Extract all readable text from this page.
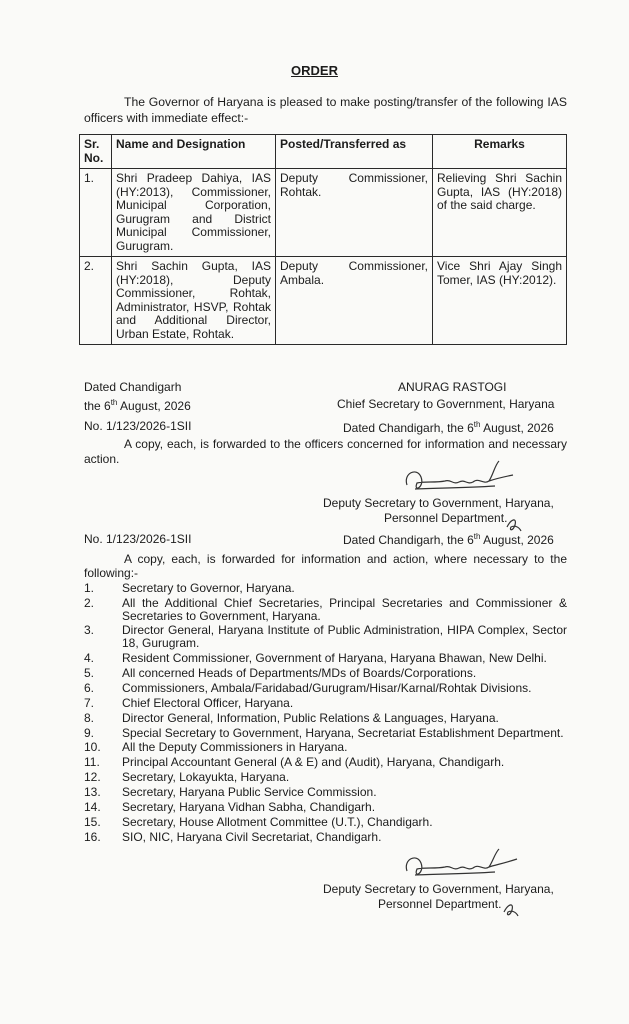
ORDER
The Governor of Haryana is pleased to make posting/transfer of the following IAS officers with immediate effect:-
Sr. No.	Name and Designation	Posted/Transferred as	Remarks
1.	Shri Pradeep Dahiya, IAS (HY:2013), Commissioner, Municipal Corporation, Gurugram and District Municipal Commissioner, Gurugram.	Deputy Commissioner, Rohtak.	Relieving Shri Sachin Gupta, IAS (HY:2018) of the said charge.
2.	Shri Sachin Gupta, IAS (HY:2018), Deputy Commissioner, Rohtak, Administrator, HSVP, Rohtak and Additional Director, Urban Estate, Rohtak.	Deputy Commissioner, Ambala.	Vice Shri Ajay Singh Tomer, IAS (HY:2012).
Dated Chandigarh
the 6th August, 2026
ANURAG RASTOGI
Chief Secretary to Government, Haryana
No. 1/123/2026-1SII	Dated Chandigarh, the 6th August, 2026
A copy, each, is forwarded to the officers concerned for information and necessary action.
Deputy Secretary to Government, Haryana,
Personnel Department.
No. 1/123/2026-1SII	Dated Chandigarh, the 6th August, 2026
A copy, each, is forwarded for information and action, where necessary to the following:-
1. Secretary to Governor, Haryana.
2. All the Additional Chief Secretaries, Principal Secretaries and Commissioner & Secretaries to Government, Haryana.
3. Director General, Haryana Institute of Public Administration, HIPA Complex, Sector 18, Gurugram.
4. Resident Commissioner, Government of Haryana, Haryana Bhawan, New Delhi.
5. All concerned Heads of Departments/MDs of Boards/Corporations.
6. Commissioners, Ambala/Faridabad/Gurugram/Hisar/Karnal/Rohtak Divisions.
7. Chief Electoral Officer, Haryana.
8. Director General, Information, Public Relations & Languages, Haryana.
9. Special Secretary to Government, Haryana, Secretariat Establishment Department.
10. All the Deputy Commissioners in Haryana.
11. Principal Accountant General (A & E) and (Audit), Haryana, Chandigarh.
12. Secretary, Lokayukta, Haryana.
13. Secretary, Haryana Public Service Commission.
14. Secretary, Haryana Vidhan Sabha, Chandigarh.
15. Secretary, House Allotment Committee (U.T.), Chandigarh.
16. SIO, NIC, Haryana Civil Secretariat, Chandigarh.
Deputy Secretary to Government, Haryana,
Personnel Department.
